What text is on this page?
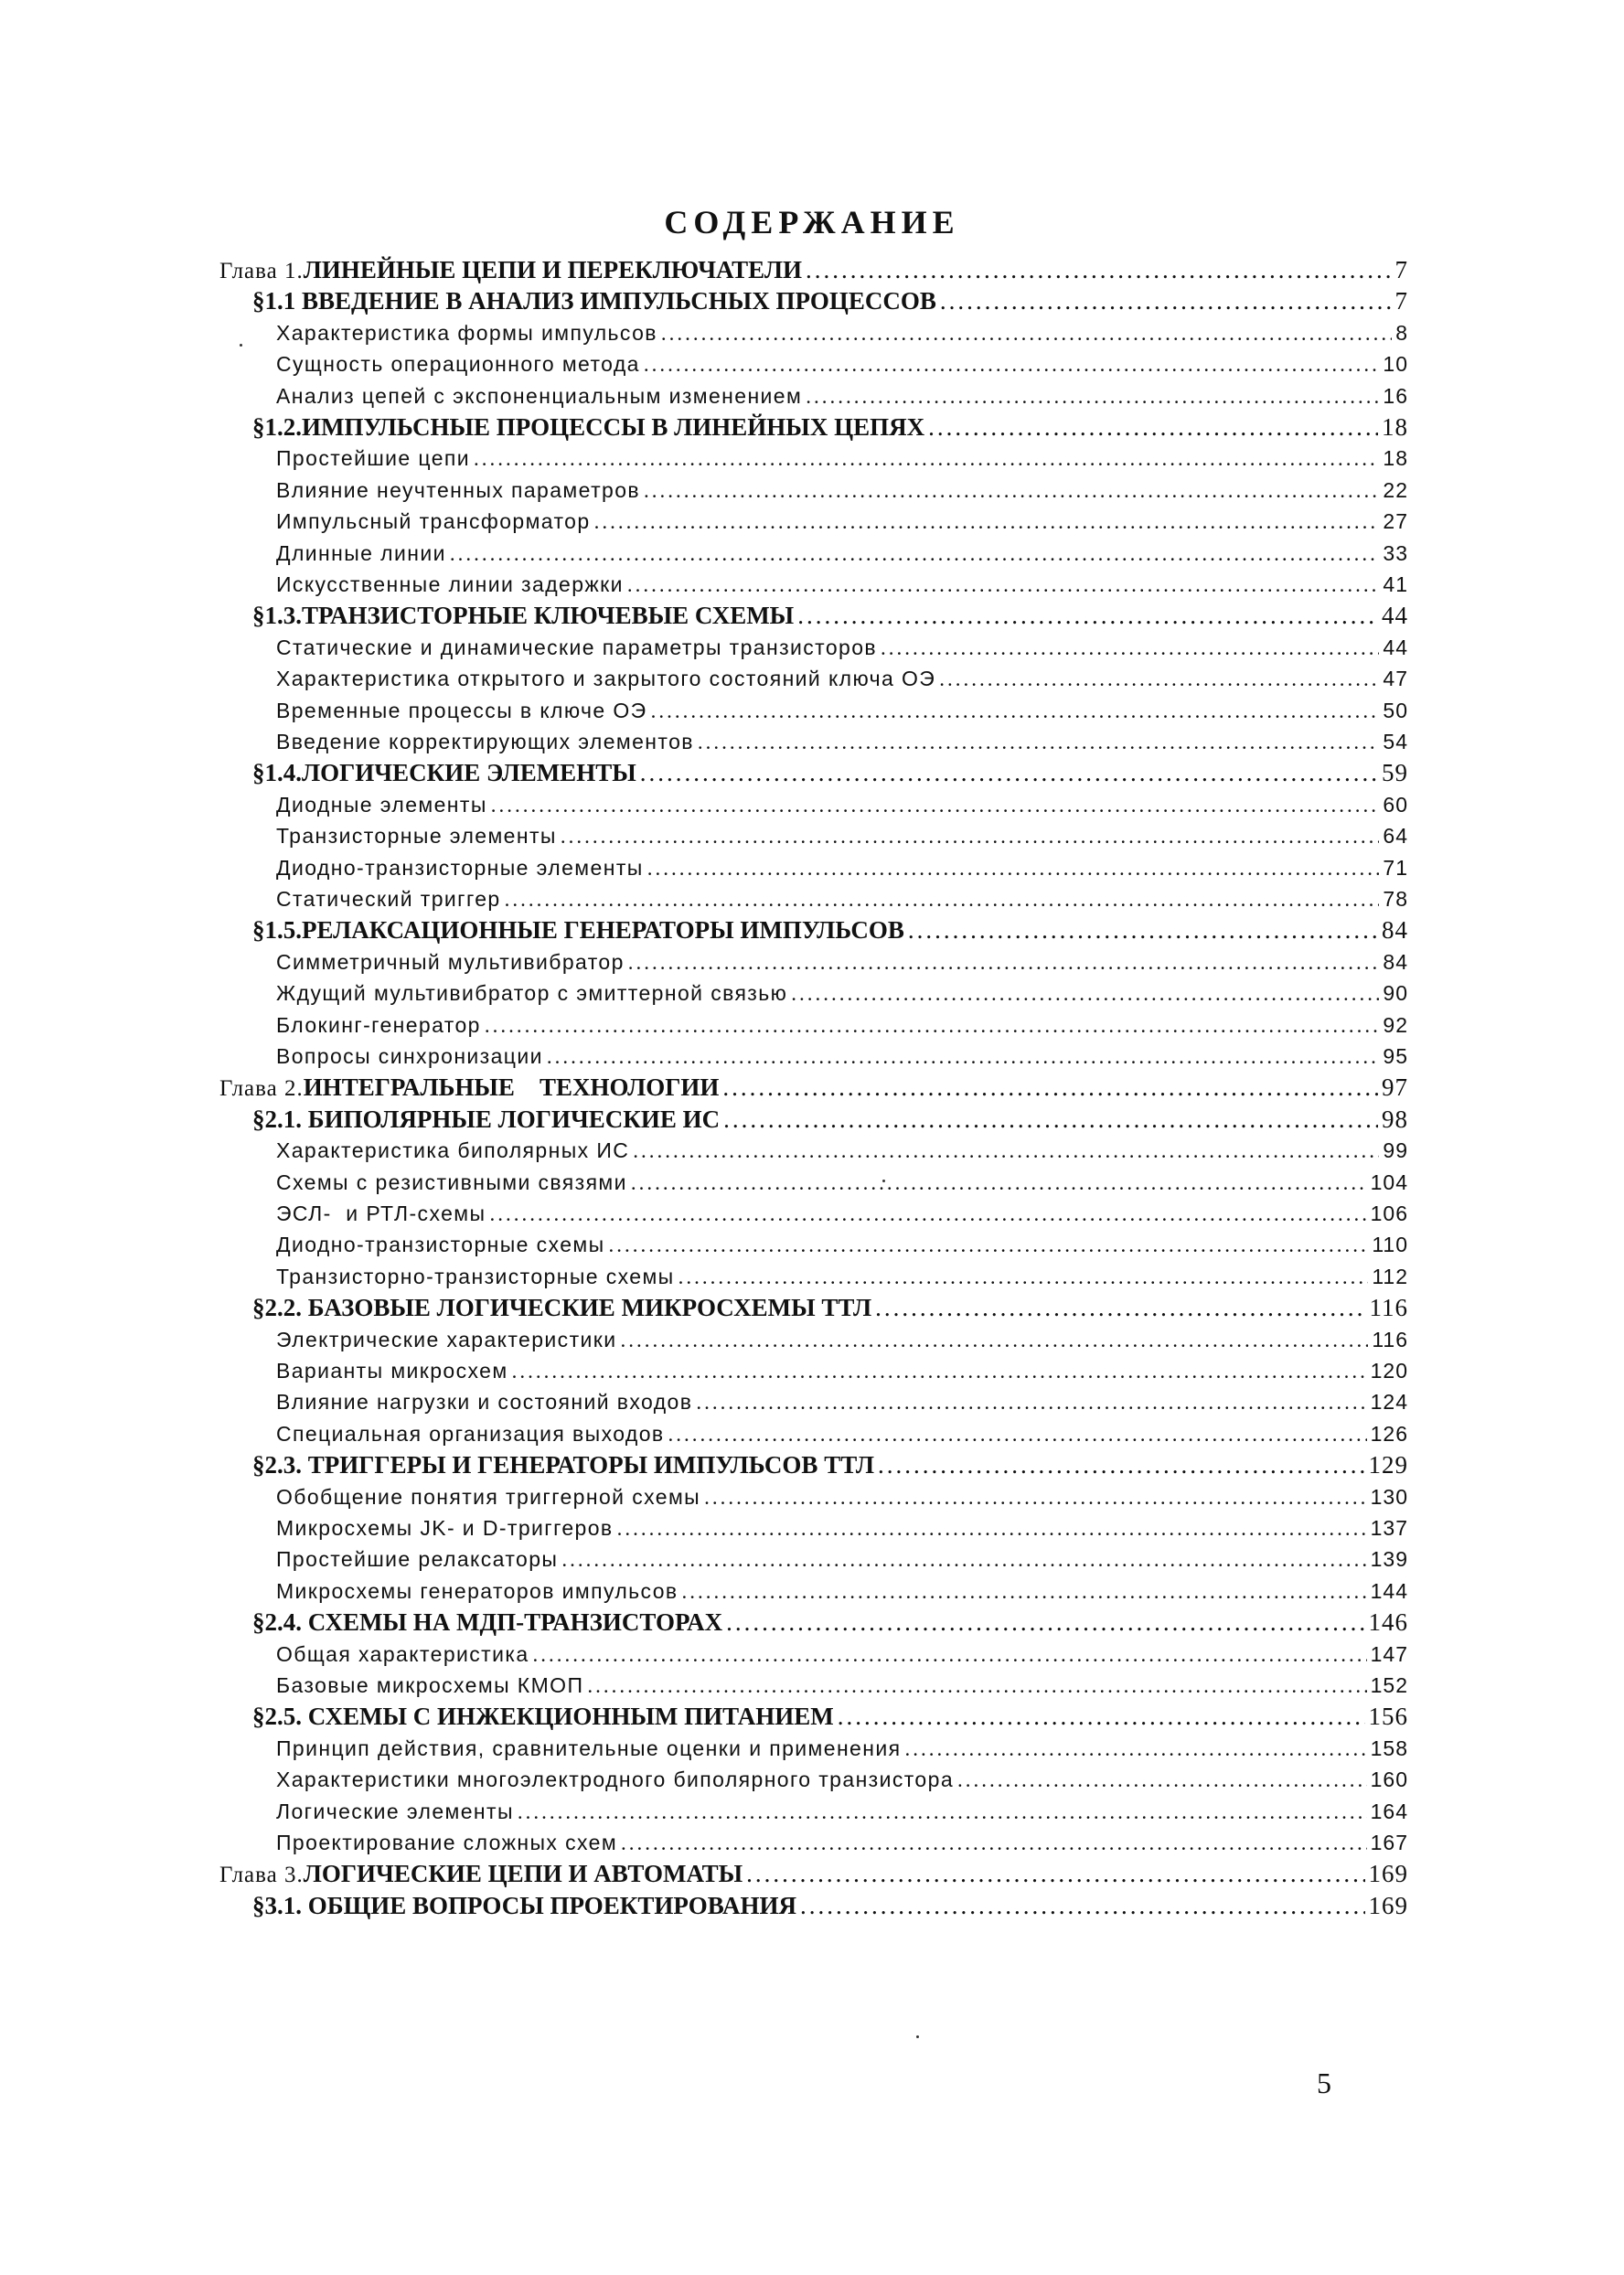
СОДЕРЖАНИЕ
Глава 1.ЛИНЕЙНЫЕ ЦЕПИ И ПЕРЕКЛЮЧАТЕЛИ .....	7
§1.1 ВВЕДЕНИЕ В АНАЛИЗ ИМПУЛЬСНЫХ ПРОЦЕССОВ .....	7
Характеристика формы импульсов .....	8
Сущность операционного метода .....	10
Анализ цепей с экспоненциальным изменением .....	16
§1.2.ИМПУЛЬСНЫЕ ПРОЦЕССЫ В ЛИНЕЙНЫХ ЦЕПЯХ .....	18
Простейшие цепи .....	18
Влияние неучтенных параметров .....	22
Импульсный трансформатор .....	27
Длинные линии .....	33
Искусственные линии задержки .....	41
§1.3.ТРАНЗИСТОРНЫЕ КЛЮЧЕВЫЕ СХЕМЫ .....	44
Статические и динамические параметры транзисторов .....	44
Характеристика открытого и закрытого состояний ключа ОЭ .....	47
Временные процессы в ключе ОЭ .....	50
Введение корректирующих элементов .....	54
§1.4.ЛОГИЧЕСКИЕ ЭЛЕМЕНТЫ .....	59
Диодные элементы .....	60
Транзисторные элементы .....	64
Диодно-транзисторные элементы .....	71
Статический триггер .....	78
§1.5.РЕЛАКСАЦИОННЫЕ ГЕНЕРАТОРЫ ИМПУЛЬСОВ .....	84
Симметричный мультивибратор .....	84
Ждущий мультивибратор с эмиттерной связью .....	90
Блокинг-генератор .....	92
Вопросы синхронизации .....	95
Глава 2.ИНТЕГРАЛЬНЫЕ    ТЕХНОЛОГИИ .....	97
§2.1. БИПОЛЯРНЫЕ ЛОГИЧЕСКИЕ ИС .....	98
Характеристика биполярных ИС .....	99
Схемы с резистивными связями .....	104
ЭСЛ-  и РТЛ-схемы .....	106
Диодно-транзисторные схемы .....	110
Транзисторно-транзисторные схемы .....	112
§2.2. БАЗОВЫЕ ЛОГИЧЕСКИЕ МИКРОСХЕМЫ ТТЛ .....	116
Электрические характеристики .....	116
Варианты микросхем .....	120
Влияние нагрузки и состояний входов .....	124
Специальная организация выходов .....	126
§2.3. ТРИГГЕРЫ И ГЕНЕРАТОРЫ ИМПУЛЬСОВ ТТЛ .....	129
Обобщение понятия триггерной схемы .....	130
Микросхемы JK- и D-триггеров .....	137
Простейшие релаксаторы .....	139
Микросхемы генераторов импульсов .....	144
§2.4. СХЕМЫ НА МДП-ТРАНЗИСТОРАХ .....	146
Общая характеристика .....	147
Базовые микросхемы КМОП .....	152
§2.5. СХЕМЫ С ИНЖЕКЦИОННЫМ ПИТАНИЕМ .....	156
Принцип действия, сравнительные оценки и применения .....	158
Характеристики многоэлектродного биполярного транзистора .....	160
Логические элементы .....	164
Проектирование сложных схем .....	167
Глава 3.ЛОГИЧЕСКИЕ ЦЕПИ И АВТОМАТЫ .....	169
§3.1. ОБЩИЕ ВОПРОСЫ ПРОЕКТИРОВАНИЯ .....	169
5
